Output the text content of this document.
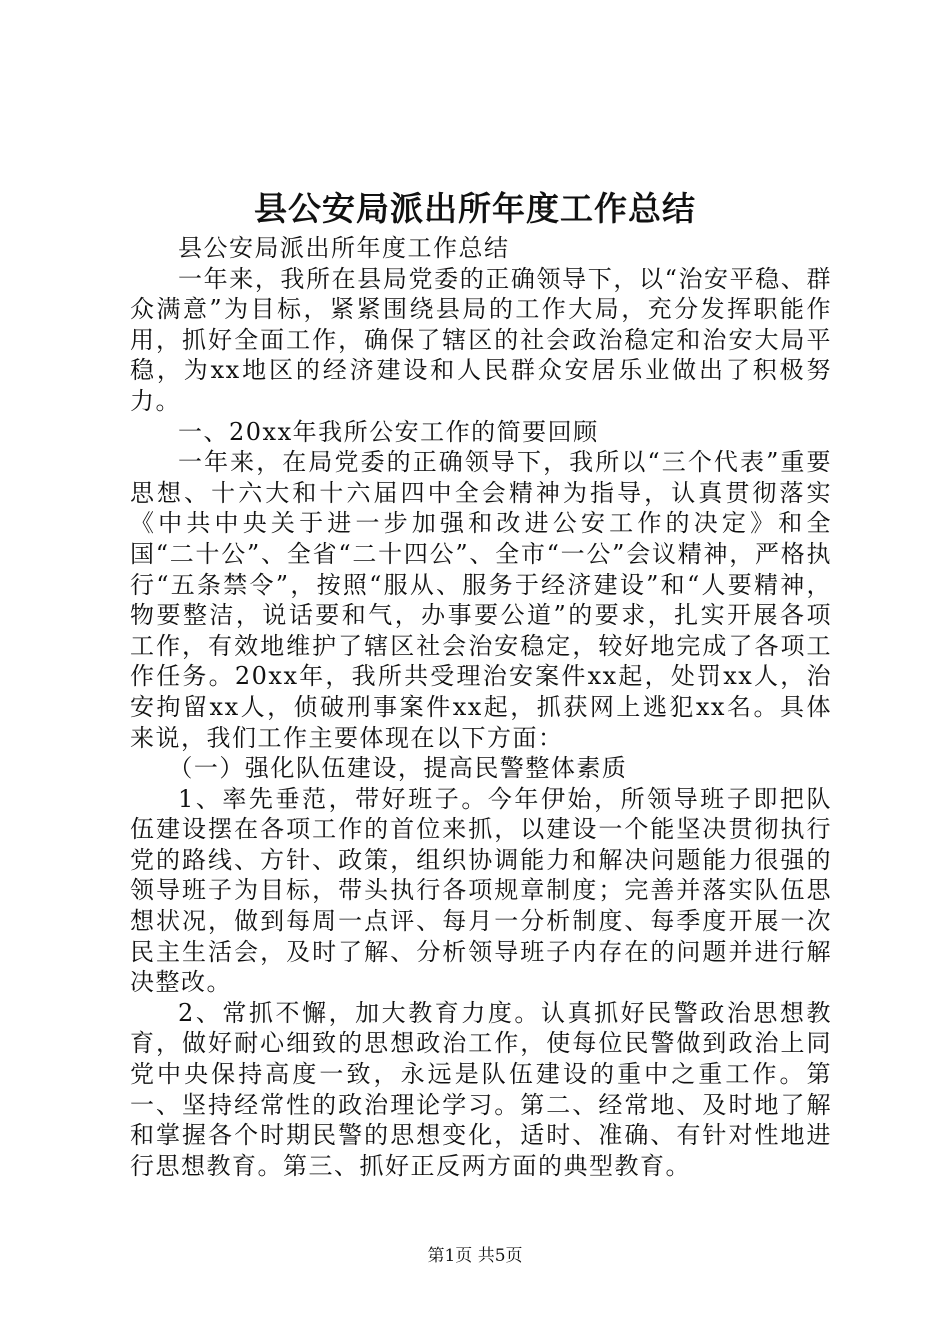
县公安局派出所年度工作总结

县公安局派出所年度工作总结

一年来，我所在县局党委的正确领导下，以“治安平稳、群众满意”为目标，紧紧围绕县局的工作大局，充分发挥职能作用，抓好全面工作，确保了辖区的社会政治稳定和治安大局平稳，为xx地区的经济建设和人民群众安居乐业做出了积极努力。

一、20xx年我所公安工作的简要回顾

一年来，在局党委的正确领导下，我所以“三个代表”重要思想、十六大和十六届四中全会精神为指导，认真贯彻落实《中共中央关于进一步加强和改进公安工作的决定》和全国“二十公”、全省“二十四公”、全市“一公”会议精神，严格执行“五条禁令”，按照“服从、服务于经济建设”和“人要精神，物要整洁，说话要和气，办事要公道”的要求，扎实开展各项工作，有效地维护了辖区社会治安稳定，较好地完成了各项工作任务。20xx年，我所共受理治安案件xx起，处罚xx人，治安拘留xx人，侦破刑事案件xx起，抓获网上逃犯xx名。具体来说，我们工作主要体现在以下方面：

（一）强化队伍建设，提高民警整体素质

1、率先垂范，带好班子。今年伊始，所领导班子即把队伍建设摆在各项工作的首位来抓，以建设一个能坚决贯彻执行党的路线、方针、政策，组织协调能力和解决问题能力很强的领导班子为目标，带头执行各项规章制度；完善并落实队伍思想状况，做到每周一点评、每月一分析制度、每季度开展一次民主生活会，及时了解、分析领导班子内存在的问题并进行解决整改。

2、常抓不懈，加大教育力度。认真抓好民警政治思想教育，做好耐心细致的思想政治工作，使每位民警做到政治上同党中央保持高度一致，永远是队伍建设的重中之重工作。第一、坚持经常性的政治理论学习。第二、经常地、及时地了解和掌握各个时期民警的思想变化，适时、准确、有针对性地进行思想教育。第三、抓好正反两方面的典型教育。

第1页 共5页
